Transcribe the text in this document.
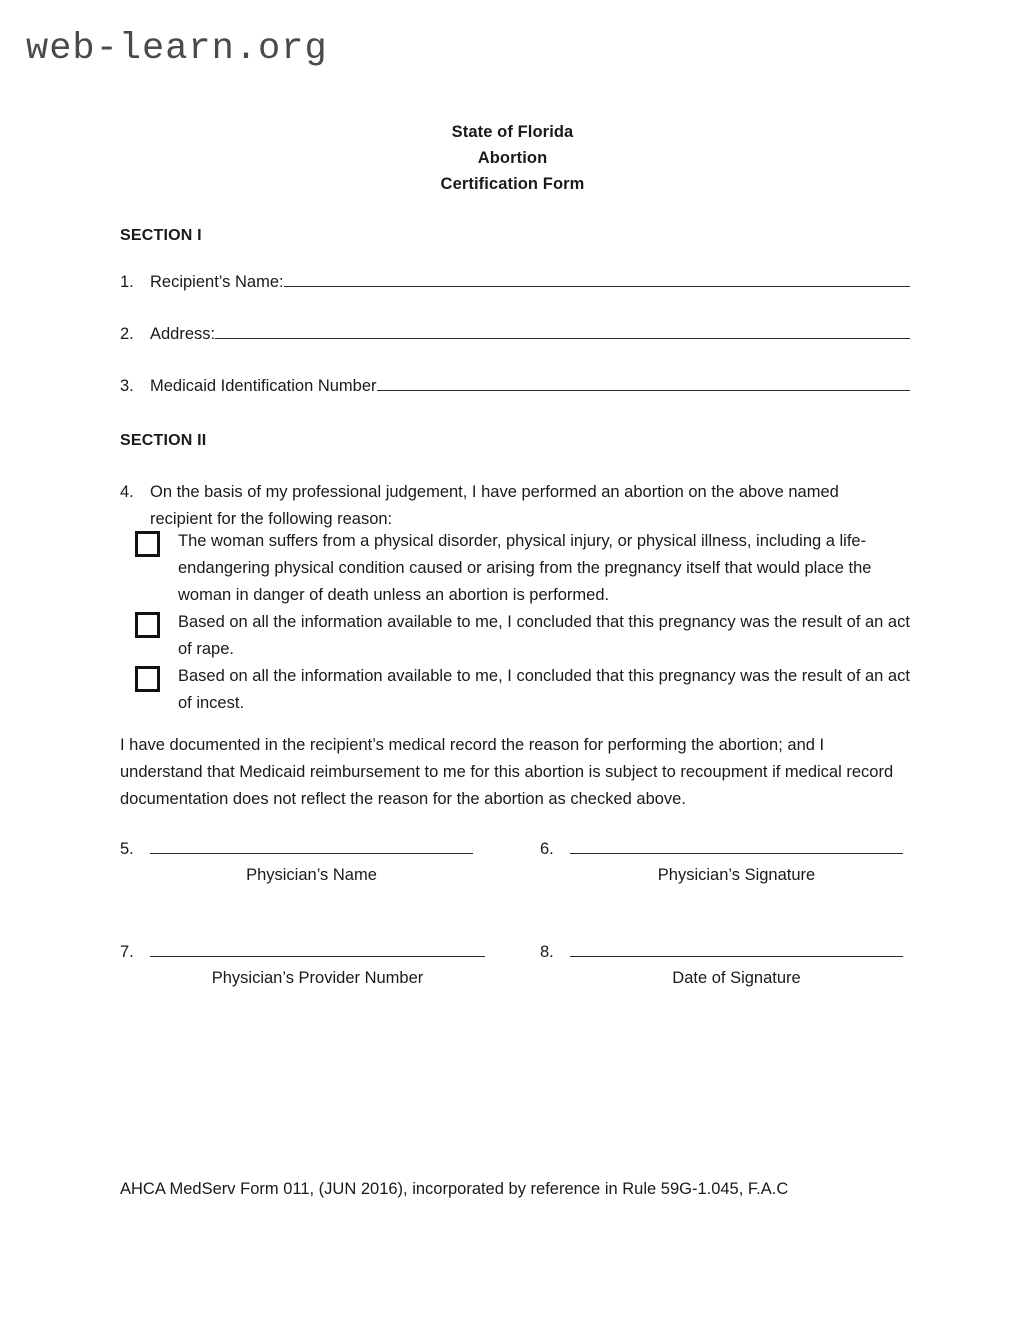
web-learn.org
State of Florida
Abortion
Certification Form
SECTION I
1. Recipient’s Name:
2. Address:
3. Medicaid Identification Number
SECTION II
4. On the basis of my professional judgement, I have performed an abortion on the above named recipient for the following reason:
The woman suffers from a physical disorder, physical injury, or physical illness, including a life-endangering physical condition caused or arising from the pregnancy itself that would place the woman in danger of death unless an abortion is performed.
Based on all the information available to me, I concluded that this pregnancy was the result of an act of rape.
Based on all the information available to me, I concluded that this pregnancy was the result of an act of incest.
I have documented in the recipient’s medical record the reason for performing the abortion; and I understand that Medicaid reimbursement to me for this abortion is subject to recoupment if medical record documentation does not reflect the reason for the abortion as checked above.
5.
Physician’s Name
6.
Physician’s Signature
7.
Physician’s Provider Number
8.
Date of Signature
AHCA MedServ Form 011, (JUN 2016), incorporated by reference in Rule 59G-1.045, F.A.C
